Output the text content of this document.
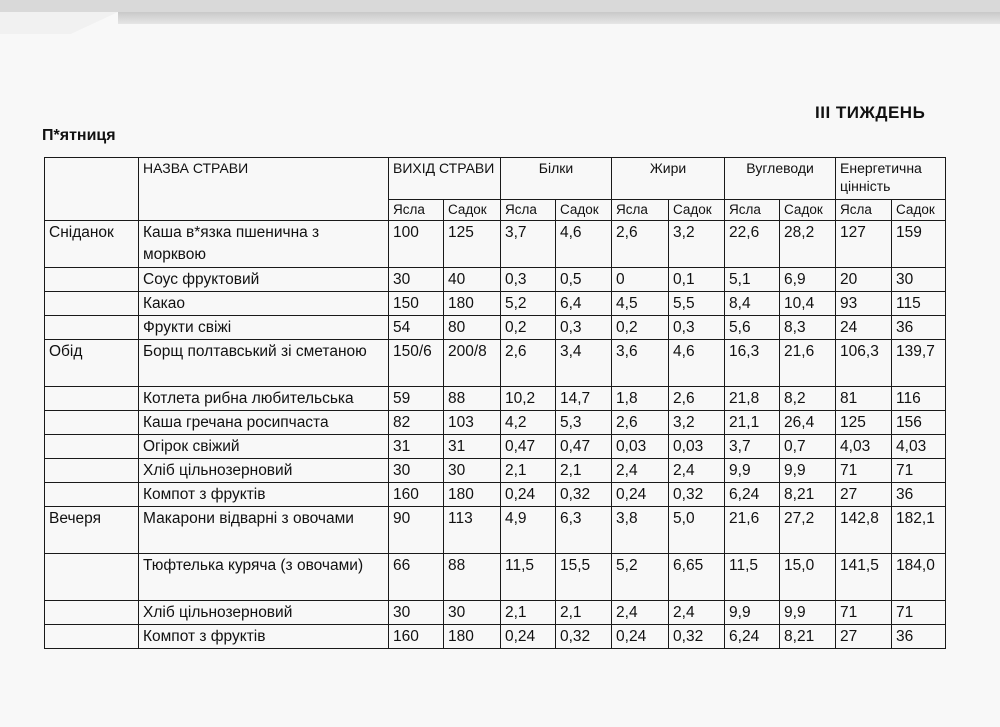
III ТИЖДЕНЬ
П*ятниця
	НАЗВА СТРАВИ	ВИХІД СТРАВИ		Білки		Жири		Вуглеводи		Енергетична цінність	
		Ясла	Садок	Ясла	Садок	Ясла	Садок	Ясла	Садок	Ясла	Садок
Сніданок	Каша в*язка пшенична з морквою	100	125	3,7	4,6	2,6	3,2	22,6	28,2	127	159
	Соус фруктовий	30	40	0,3	0,5	0	0,1	5,1	6,9	20	30
	Какао	150	180	5,2	6,4	4,5	5,5	8,4	10,4	93	115
	Фрукти свіжі	54	80	0,2	0,3	0,2	0,3	5,6	8,3	24	36
Обід	Борщ полтавський зі сметаною	150/6	200/8	2,6	3,4	3,6	4,6	16,3	21,6	106,3	139,7
	Котлета рибна любительська	59	88	10,2	14,7	1,8	2,6	21,8	8,2	81	116
	Каша гречана росипчаста	82	103	4,2	5,3	2,6	3,2	21,1	26,4	125	156
	Огірок свіжий	31	31	0,47	0,47	0,03	0,03	3,7	0,7	4,03	4,03
	Хліб цільнозерновий	30	30	2,1	2,1	2,4	2,4	9,9	9,9	71	71
	Компот з фруктів	160	180	0,24	0,32	0,24	0,32	6,24	8,21	27	36
Вечеря	Макарони відварні з овочами	90	113	4,9	6,3	3,8	5,0	21,6	27,2	142,8	182,1
	Тюфтелька куряча (з овочами)	66	88	11,5	15,5	5,2	6,65	11,5	15,0	141,5	184,0
	Хліб цільнозерновий	30	30	2,1	2,1	2,4	2,4	9,9	9,9	71	71
	Компот з фруктів	160	180	0,24	0,32	0,24	0,32	6,24	8,21	27	36
